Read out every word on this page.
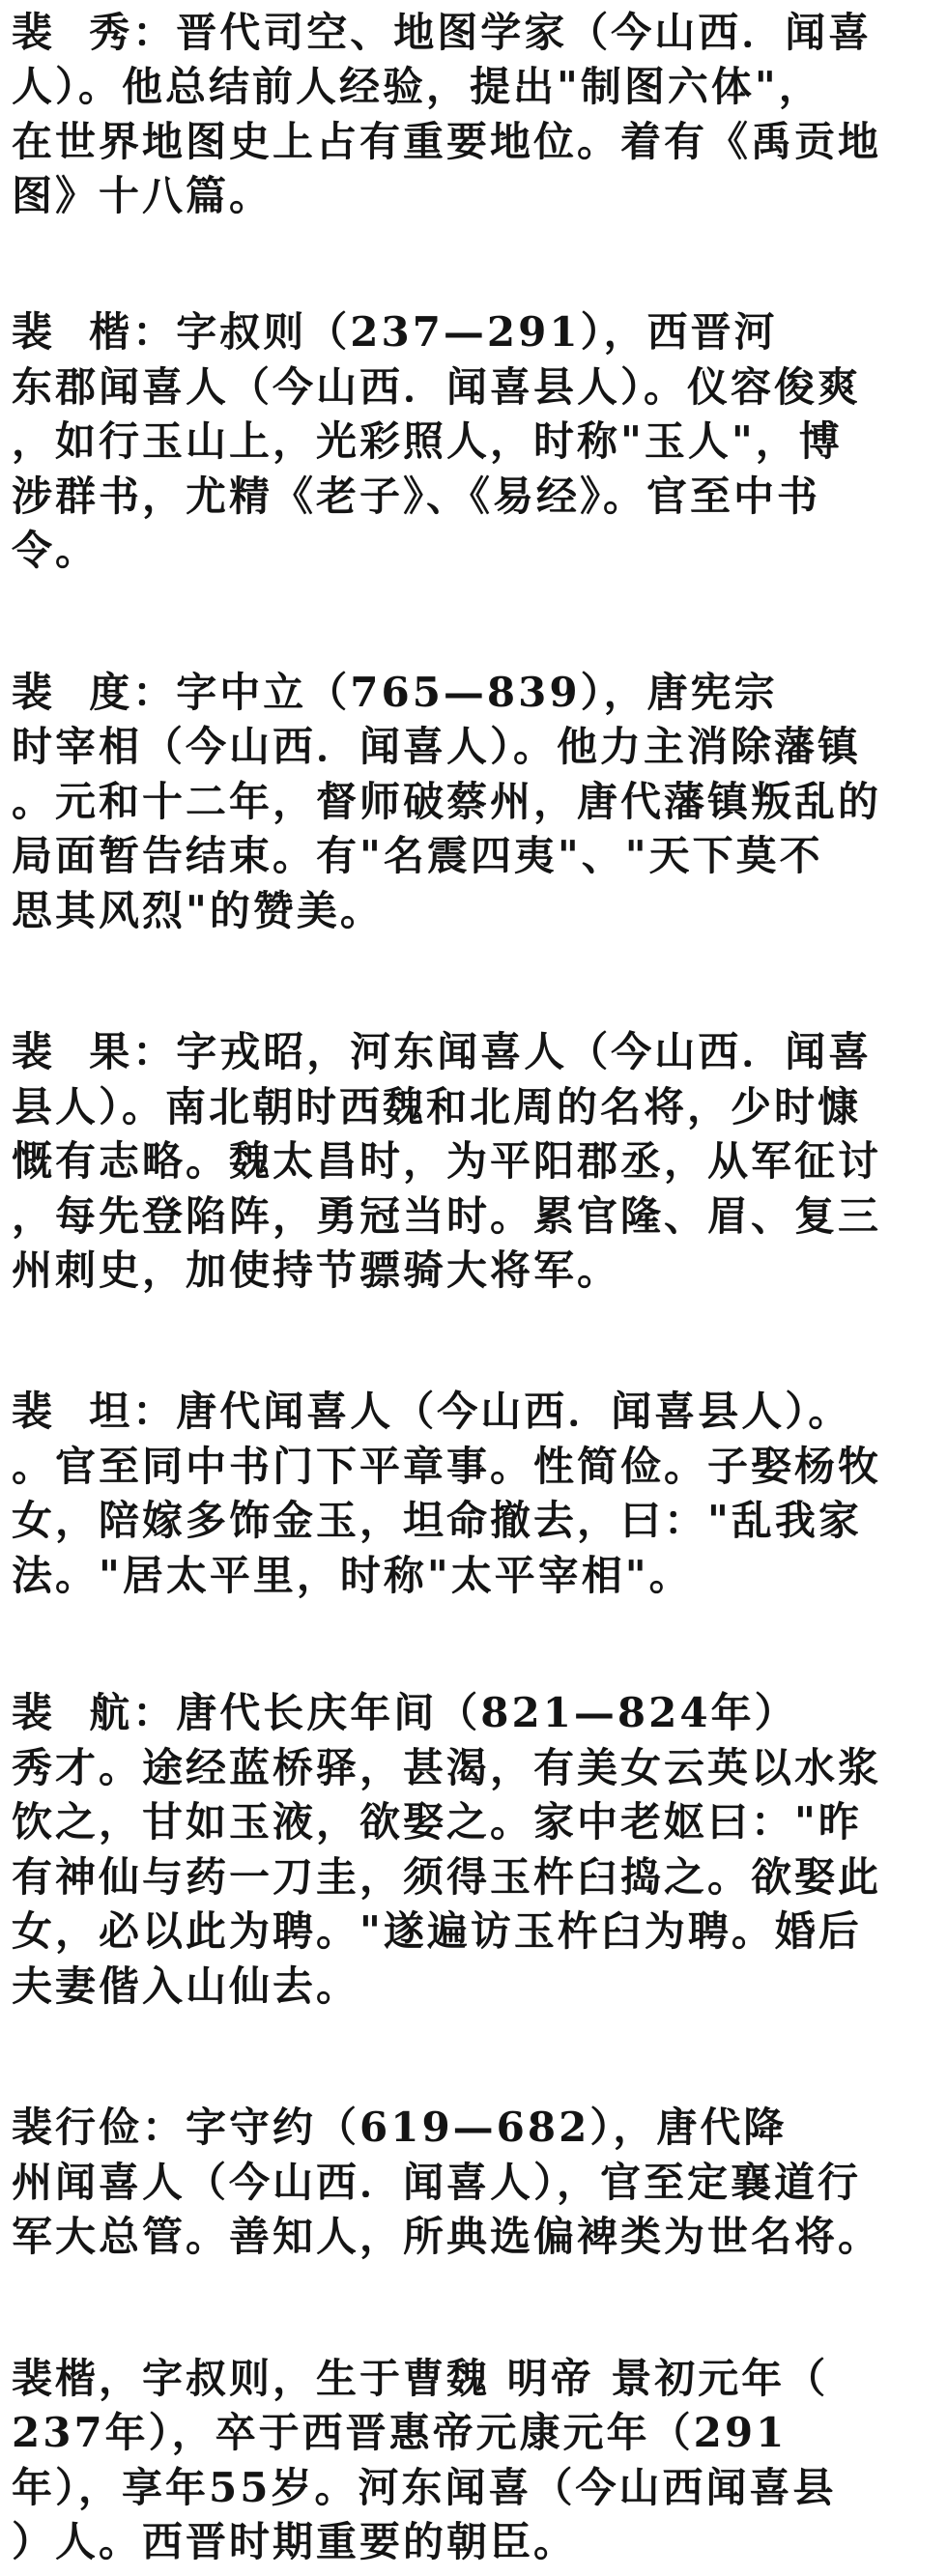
裴  秀：晋代司空、地图学家（今山西．闻喜
人）。他总结前人经验，提出"制图六体"，
在世界地图史上占有重要地位。着有《禹贡地
图》十八篇。
裴  楷：字叔则（237—291），西晋河
东郡闻喜人（今山西．闻喜县人）。仪容俊爽
，如行玉山上，光彩照人，时称"玉人"，博
涉群书，尤精《老子》、《易经》。官至中书
令。
裴  度：字中立（765—839），唐宪宗
时宰相（今山西．闻喜人）。他力主消除藩镇
。元和十二年，督师破蔡州，唐代藩镇叛乱的
局面暂告结束。有"名震四夷"、"天下莫不
思其风烈"的赞美。
裴  果：字戎昭，河东闻喜人（今山西．闻喜
县人）。南北朝时西魏和北周的名将，少时慷
慨有志略。魏太昌时，为平阳郡丞，从军征讨
，每先登陷阵，勇冠当时。累官隆、眉、复三
州刺史，加使持节骠骑大将军。
裴  坦：唐代闻喜人（今山西．闻喜县人）。
。官至同中书门下平章事。性简俭。子娶杨牧
女，陪嫁多饰金玉，坦命撤去，曰："乱我家
法。"居太平里，时称"太平宰相"。
裴  航：唐代长庆年间（821—824年）
秀才。途经蓝桥驿，甚渴，有美女云英以水浆
饮之，甘如玉液，欲娶之。家中老妪曰："昨
有神仙与药一刀圭，须得玉杵臼捣之。欲娶此
女，必以此为聘。"遂遍访玉杵臼为聘。婚后
夫妻偕入山仙去。
裴行俭：字守约（619—682），唐代降
州闻喜人（今山西．闻喜人），官至定襄道行
军大总管。善知人，所典选偏裨类为世名将。
裴楷，字叔则，生于曹魏 明帝 景初元年（
237年），卒于西晋惠帝元康元年（291
年），享年55岁。河东闻喜（今山西闻喜县
）人。西晋时期重要的朝臣。
